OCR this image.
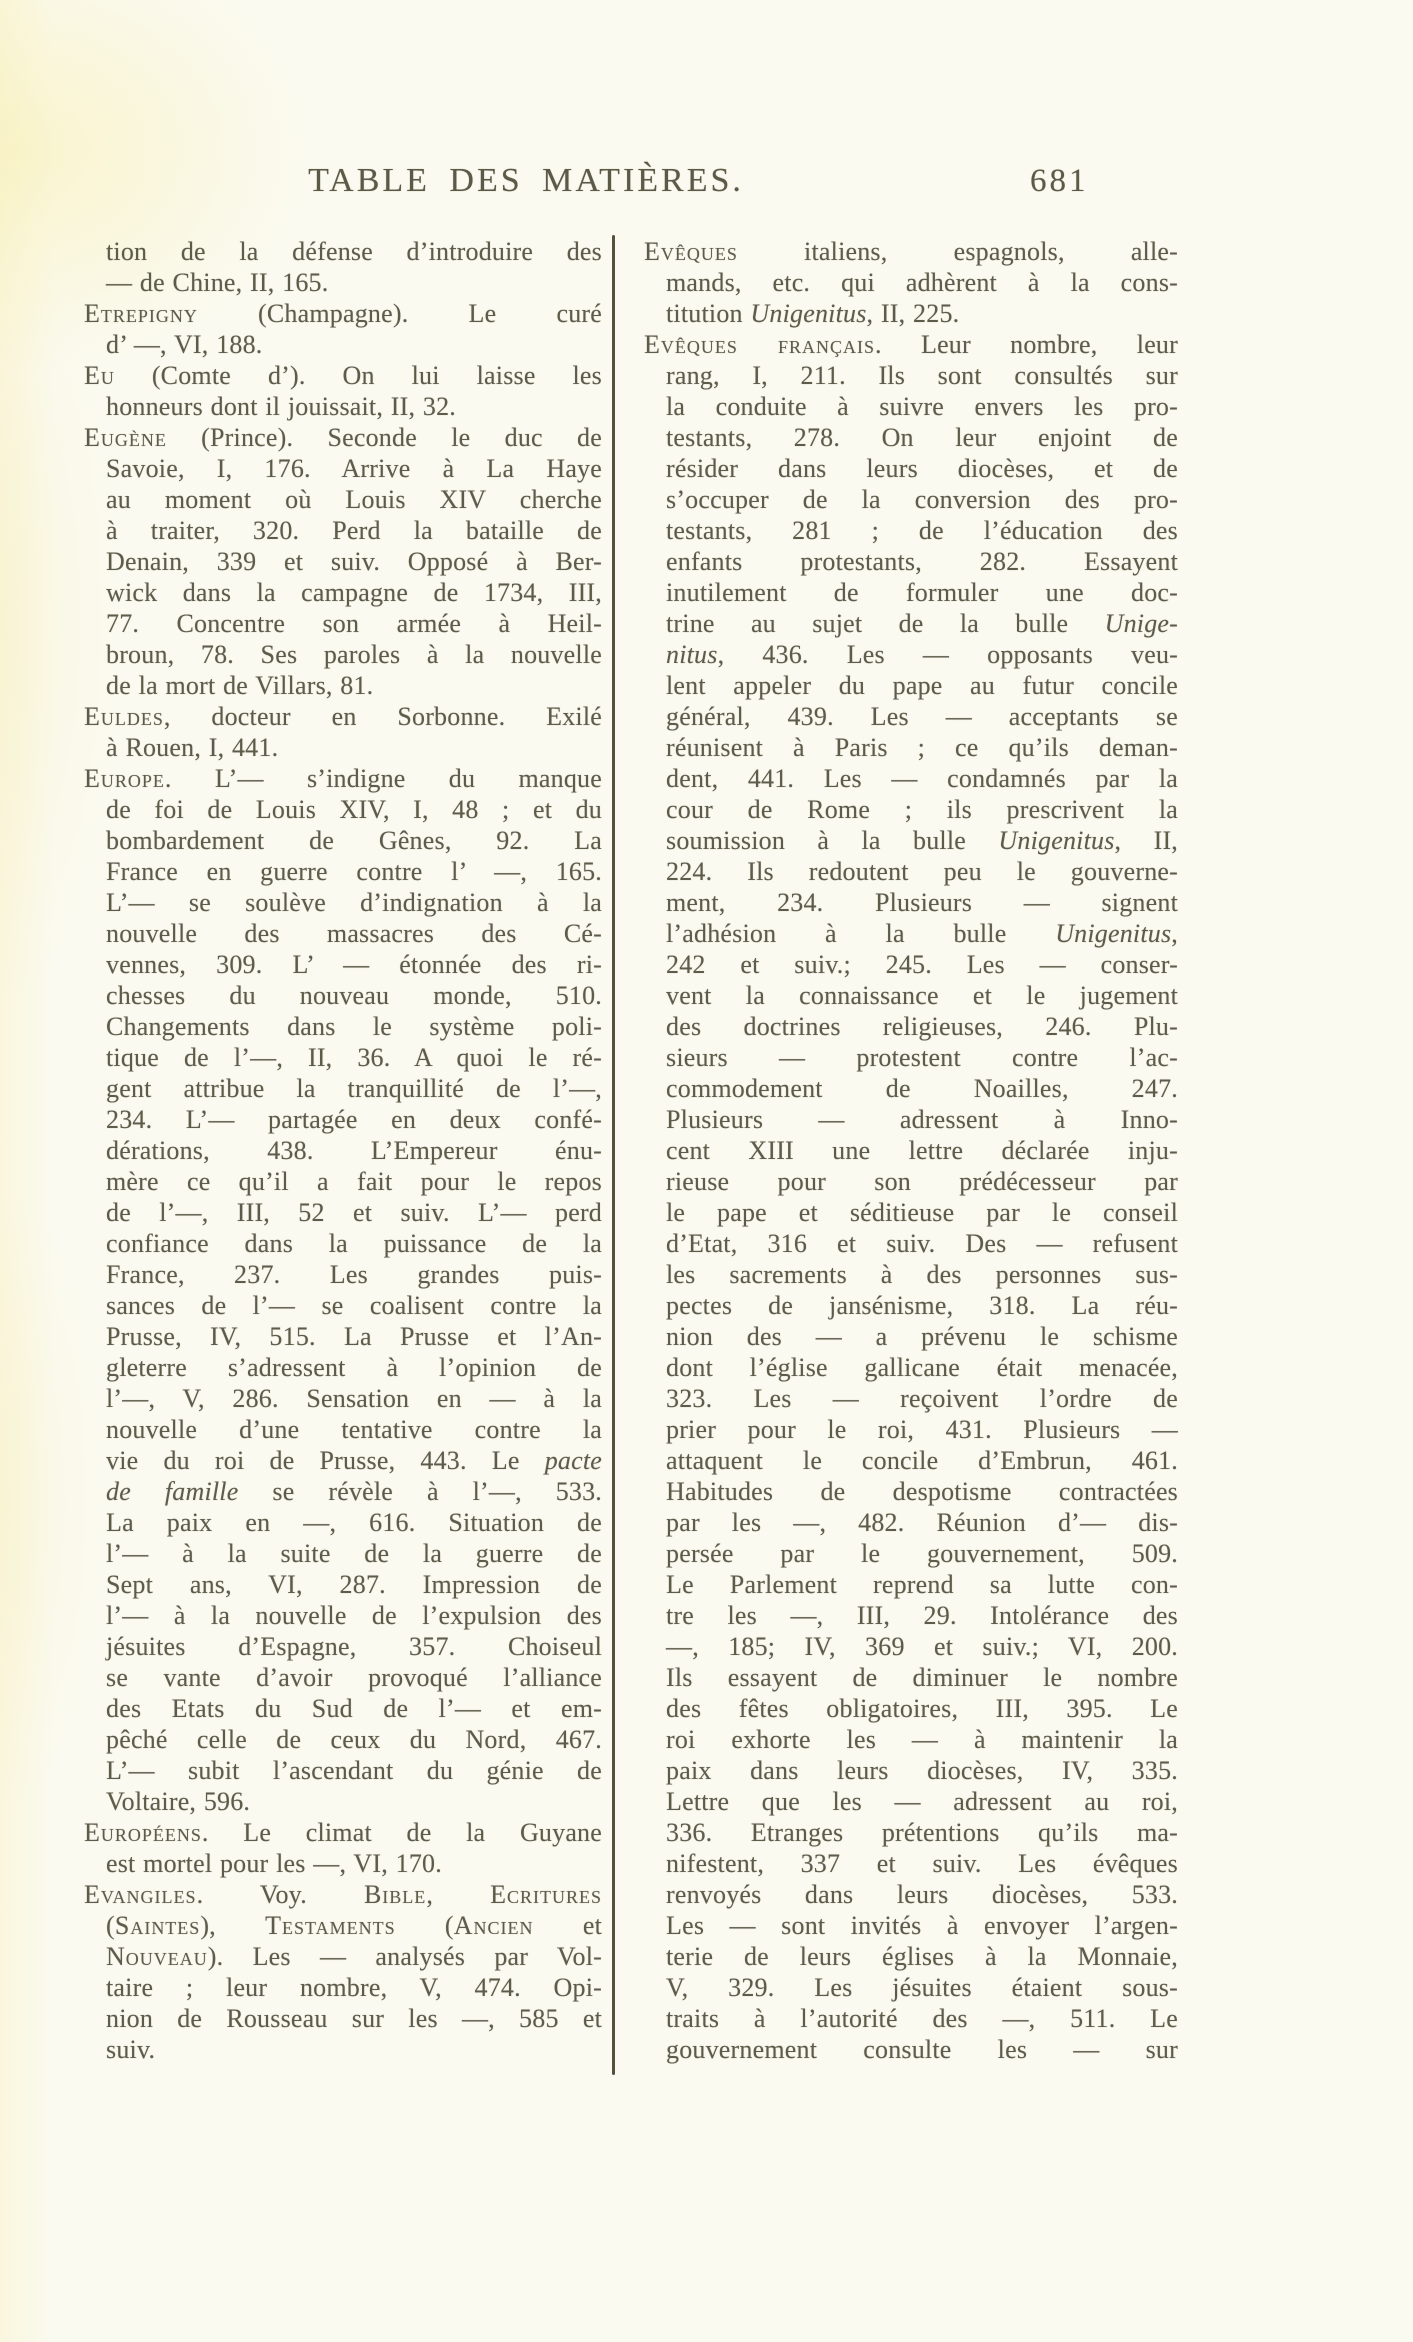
TABLE DES MATIÈRES.	681
tion de la défense d’introduire des
— de Chine, II, 165.
Etrepigny (Champagne). Le curé
d’ —, VI, 188.
Eu (Comte d’). On lui laisse les
honneurs dont il jouissait, II, 32.
Eugène (Prince). Seconde le duc de
Savoie, I, 176. Arrive à La Haye
au moment où Louis XIV cherche
à traiter, 320. Perd la bataille de
Denain, 339 et suiv. Opposé à Ber-
wick dans la campagne de 1734, III,
77. Concentre son armée à Heil-
broun, 78. Ses paroles à la nouvelle
de la mort de Villars, 81.
Euldes, docteur en Sorbonne. Exilé
à Rouen, I, 441.
Europe. L’— s’indigne du manque
de foi de Louis XIV, I, 48 ; et du
bombardement de Gênes, 92. La
France en guerre contre l’ —, 165.
L’— se soulève d’indignation à la
nouvelle des massacres des Cé-
vennes, 309. L’ — étonnée des ri-
chesses du nouveau monde, 510.
Changements dans le système poli-
tique de l’—, II, 36. A quoi le ré-
gent attribue la tranquillité de l’—,
234. L’— partagée en deux confé-
dérations, 438. L’Empereur énu-
mère ce qu’il a fait pour le repos
de l’—, III, 52 et suiv. L’— perd
confiance dans la puissance de la
France, 237. Les grandes puis-
sances de l’— se coalisent contre la
Prusse, IV, 515. La Prusse et l’An-
gleterre s’adressent à l’opinion de
l’—, V, 286. Sensation en — à la
nouvelle d’une tentative contre la
vie du roi de Prusse, 443. Le pacte
de famille se révèle à l’—, 533.
La paix en —, 616. Situation de
l’— à la suite de la guerre de
Sept ans, VI, 287. Impression de
l’— à la nouvelle de l’expulsion des
jésuites d’Espagne, 357. Choiseul
se vante d’avoir provoqué l’alliance
des Etats du Sud de l’— et em-
pêché celle de ceux du Nord, 467.
L’— subit l’ascendant du génie de
Voltaire, 596.
Européens. Le climat de la Guyane
est mortel pour les —, VI, 170.
Evangiles. Voy. Bible, Ecritures
(Saintes), Testaments (Ancien et
Nouveau). Les — analysés par Vol-
taire ; leur nombre, V, 474. Opi-
nion de Rousseau sur les —, 585 et
suiv.
Evêques italiens, espagnols, alle-
mands, etc. qui adhèrent à la cons-
titution Unigenitus, II, 225.
Evêques français. Leur nombre, leur
rang, I, 211. Ils sont consultés sur
la conduite à suivre envers les pro-
testants, 278. On leur enjoint de
résider dans leurs diocèses, et de
s’occuper de la conversion des pro-
testants, 281 ; de l’éducation des
enfants protestants, 282. Essayent
inutilement de formuler une doc-
trine au sujet de la bulle Unige-
nitus, 436. Les — opposants veu-
lent appeler du pape au futur concile
général, 439. Les — acceptants se
réunisent à Paris ; ce qu’ils deman-
dent, 441. Les — condamnés par la
cour de Rome ; ils prescrivent la
soumission à la bulle Unigenitus, II,
224. Ils redoutent peu le gouverne-
ment, 234. Plusieurs — signent
l’adhésion à la bulle Unigenitus,
242 et suiv.; 245. Les — conser-
vent la connaissance et le jugement
des doctrines religieuses, 246. Plu-
sieurs — protestent contre l’ac-
commodement de Noailles, 247.
Plusieurs — adressent à Inno-
cent XIII une lettre déclarée inju-
rieuse pour son prédécesseur par
le pape et séditieuse par le conseil
d’Etat, 316 et suiv. Des — refusent
les sacrements à des personnes sus-
pectes de jansénisme, 318. La réu-
nion des — a prévenu le schisme
dont l’église gallicane était menacée,
323. Les — reçoivent l’ordre de
prier pour le roi, 431. Plusieurs —
attaquent le concile d’Embrun, 461.
Habitudes de despotisme contractées
par les —, 482. Réunion d’— dis-
persée par le gouvernement, 509.
Le Parlement reprend sa lutte con-
tre les —, III, 29. Intolérance des
—, 185; IV, 369 et suiv.; VI, 200.
Ils essayent de diminuer le nombre
des fêtes obligatoires, III, 395. Le
roi exhorte les — à maintenir la
paix dans leurs diocèses, IV, 335.
Lettre que les — adressent au roi,
336. Etranges prétentions qu’ils ma-
nifestent, 337 et suiv. Les évêques
renvoyés dans leurs diocèses, 533.
Les — sont invités à envoyer l’argen-
terie de leurs églises à la Monnaie,
V, 329. Les jésuites étaient sous-
traits à l’autorité des —, 511. Le
gouvernement consulte les — sur
